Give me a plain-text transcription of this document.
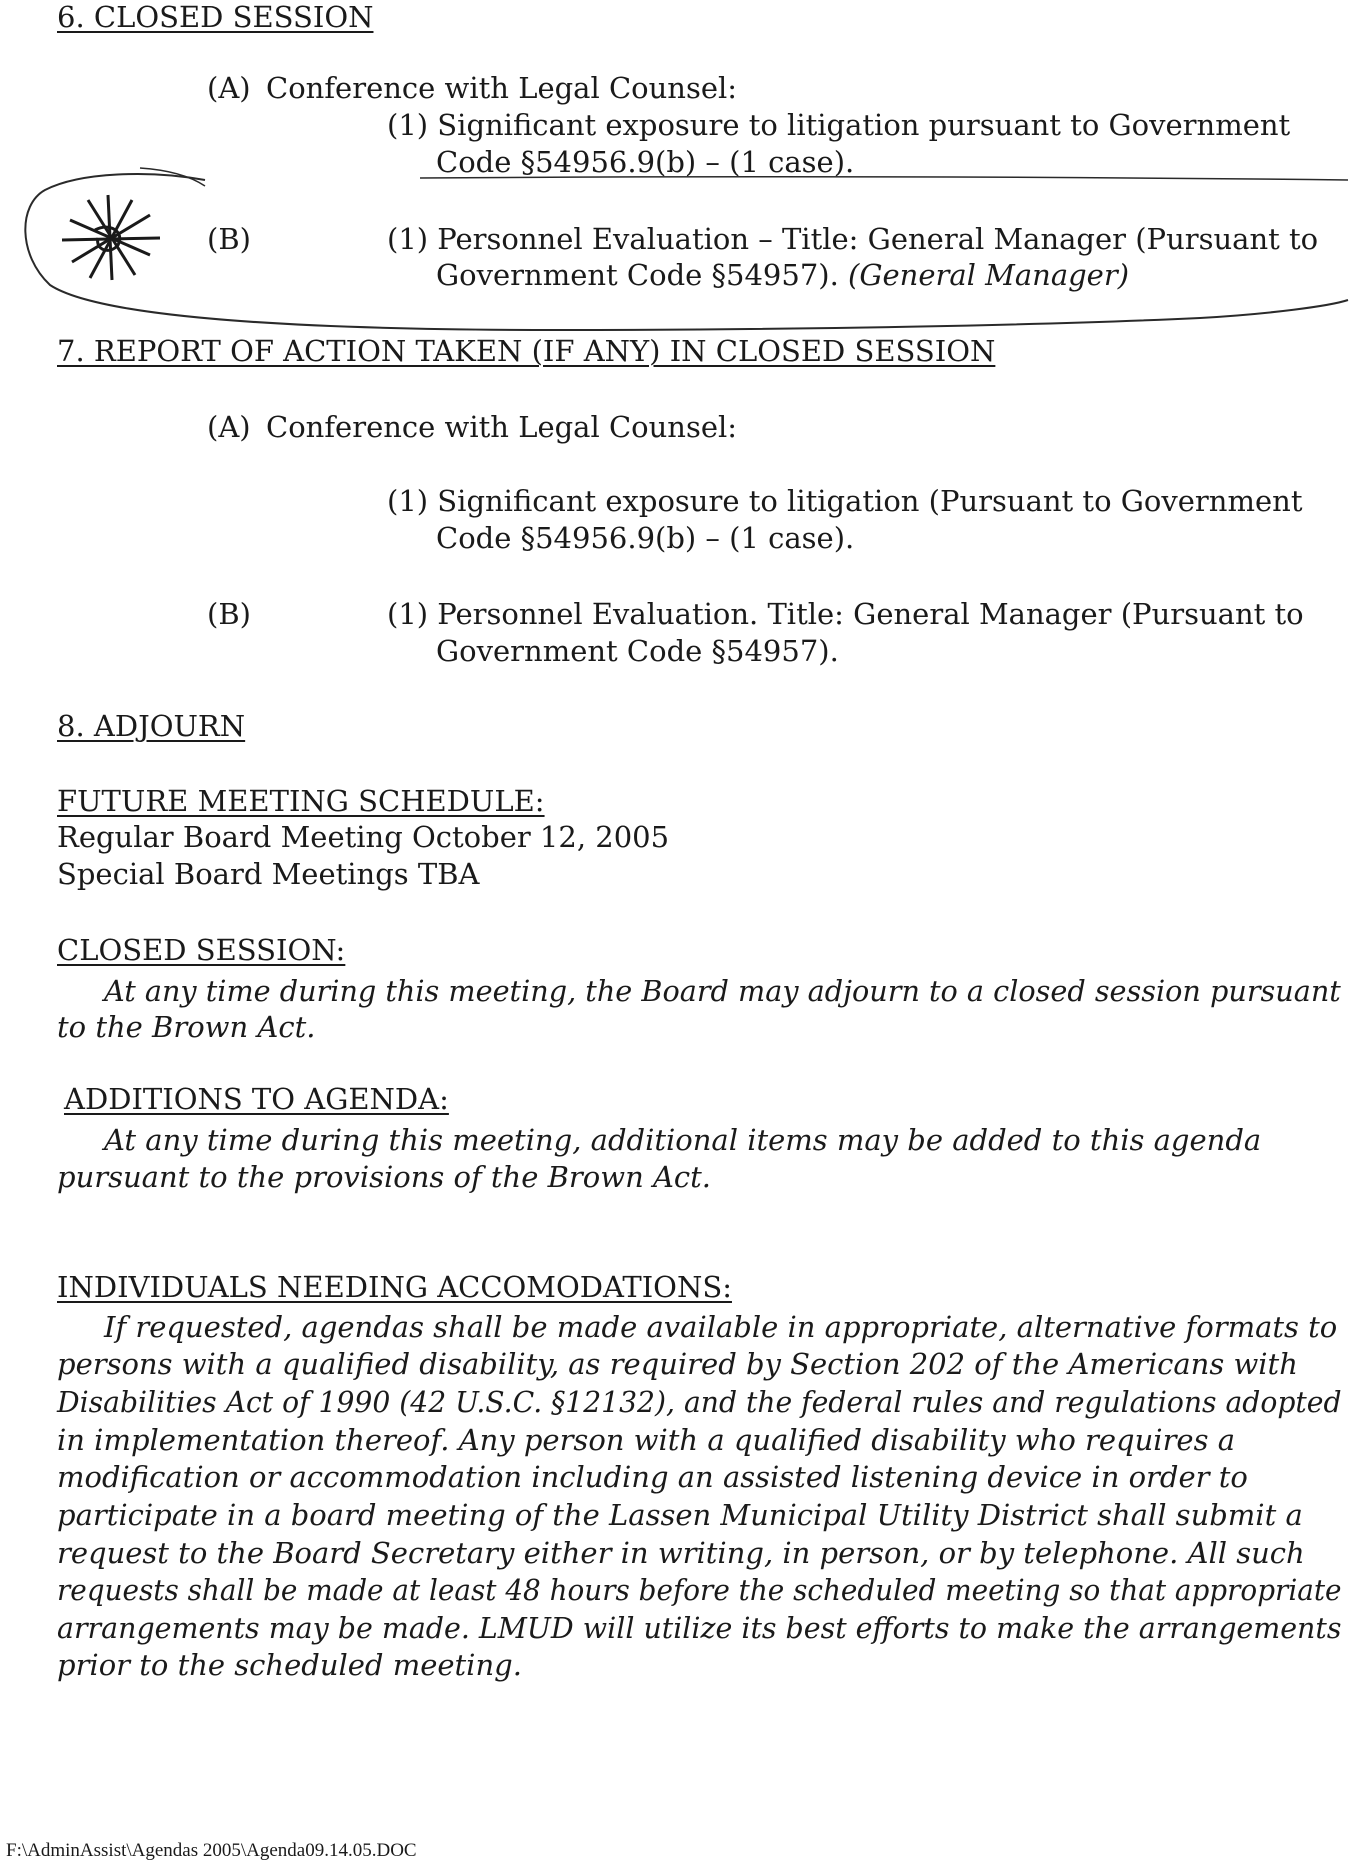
6. CLOSED SESSION
(A) Conference with Legal Counsel:
(1) Significant exposure to litigation pursuant to Government
Code §54956.9(b) – (1 case).
(B)	(1) Personnel Evaluation – Title: General Manager (Pursuant to
Government Code §54957). (General Manager)
7. REPORT OF ACTION TAKEN (IF ANY) IN CLOSED SESSION
(A) Conference with Legal Counsel:
(1) Significant exposure to litigation (Pursuant to Government
Code §54956.9(b) – (1 case).
(B)	(1) Personnel Evaluation. Title: General Manager (Pursuant to
Government Code §54957).
8. ADJOURN
FUTURE MEETING SCHEDULE:
Regular Board Meeting October 12, 2005
Special Board Meetings TBA
CLOSED SESSION:
At any time during this meeting, the Board may adjourn to a closed session pursuant
to the Brown Act.
ADDITIONS TO AGENDA:
At any time during this meeting, additional items may be added to this agenda
pursuant to the provisions of the Brown Act.
INDIVIDUALS NEEDING ACCOMODATIONS:
If requested, agendas shall be made available in appropriate, alternative formats to
persons with a qualified disability, as required by Section 202 of the Americans with
Disabilities Act of 1990 (42 U.S.C. §12132), and the federal rules and regulations adopted
in implementation thereof. Any person with a qualified disability who requires a
modification or accommodation including an assisted listening device in order to
participate in a board meeting of the Lassen Municipal Utility District shall submit a
request to the Board Secretary either in writing, in person, or by telephone. All such
requests shall be made at least 48 hours before the scheduled meeting so that appropriate
arrangements may be made. LMUD will utilize its best efforts to make the arrangements
prior to the scheduled meeting.
F:\AdminAssist\Agendas 2005\Agenda09.14.05.DOC
